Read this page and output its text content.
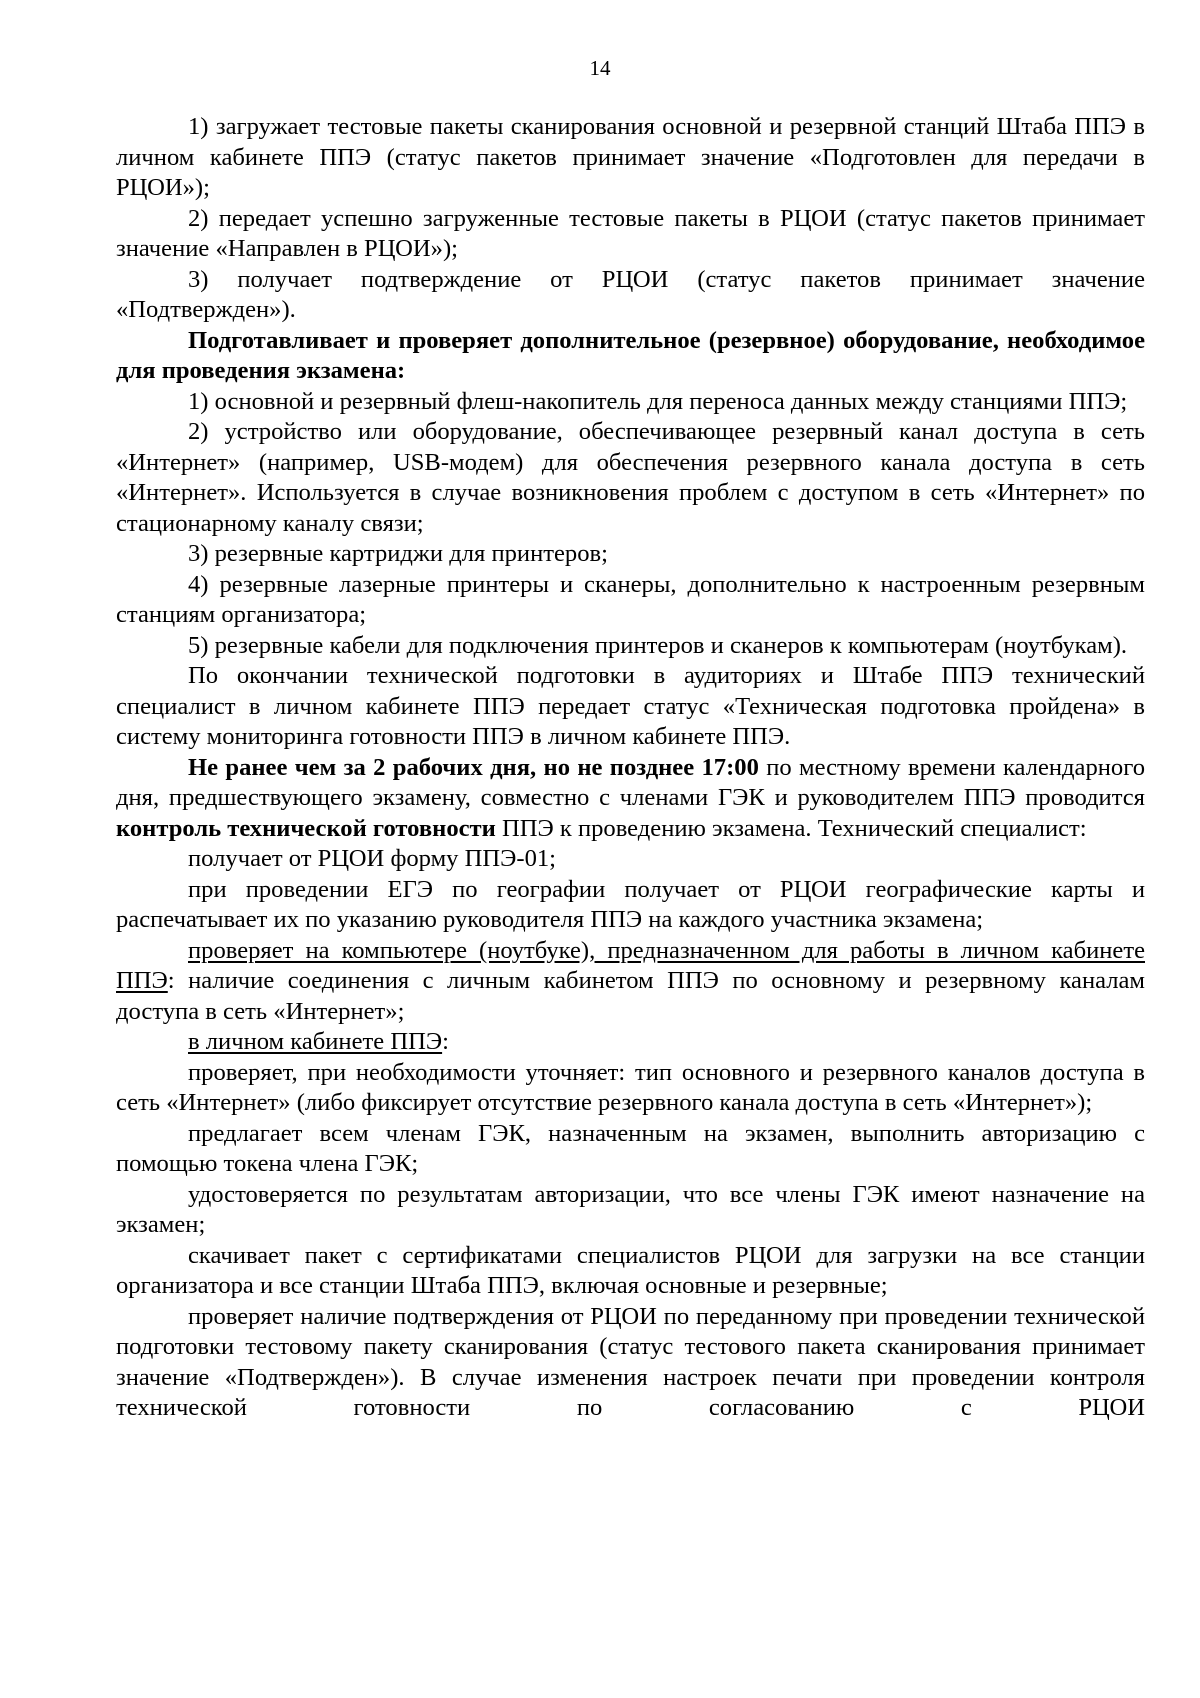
14

1) загружает тестовые пакеты сканирования основной и резервной станций Штаба ППЭ в личном кабинете ППЭ (статус пакетов принимает значение «Подготовлен для передачи в РЦОИ»);

2) передает успешно загруженные тестовые пакеты в РЦОИ (статус пакетов принимает значение «Направлен в РЦОИ»);

3) получает подтверждение от РЦОИ (статус пакетов принимает значение «Подтвержден»).

Подготавливает и проверяет дополнительное (резервное) оборудование, необходимое для проведения экзамена:

1) основной и резервный флеш-накопитель для переноса данных между станциями ППЭ;

2) устройство или оборудование, обеспечивающее резервный канал доступа в сеть «Интернет» (например, USB-модем) для обеспечения резервного канала доступа в сеть «Интернет». Используется в случае возникновения проблем с доступом в сеть «Интернет» по стационарному каналу связи;

3) резервные картриджи для принтеров;

4) резервные лазерные принтеры и сканеры, дополнительно к настроенным резервным станциям организатора;

5) резервные кабели для подключения принтеров и сканеров к компьютерам (ноутбукам).

По окончании технической подготовки в аудиториях и Штабе ППЭ технический специалист в личном кабинете ППЭ передает статус «Техническая подготовка пройдена» в систему мониторинга готовности ППЭ в личном кабинете ППЭ.

Не ранее чем за 2 рабочих дня, но не позднее 17:00 по местному времени календарного дня, предшествующего экзамену, совместно с членами ГЭК и руководителем ППЭ проводится контроль технической готовности ППЭ к проведению экзамена. Технический специалист:

получает от РЦОИ форму ППЭ-01;

при проведении ЕГЭ по географии получает от РЦОИ географические карты и распечатывает их по указанию руководителя ППЭ на каждого участника экзамена;

проверяет на компьютере (ноутбуке), предназначенном для работы в личном кабинете ППЭ: наличие соединения с личным кабинетом ППЭ по основному и резервному каналам доступа в сеть «Интернет»;

в личном кабинете ППЭ:

проверяет, при необходимости уточняет: тип основного и резервного каналов доступа в сеть «Интернет» (либо фиксирует отсутствие резервного канала доступа в сеть «Интернет»);

предлагает всем членам ГЭК, назначенным на экзамен, выполнить авторизацию с помощью токена члена ГЭК;

удостоверяется по результатам авторизации, что все члены ГЭК имеют назначение на экзамен;

скачивает пакет с сертификатами специалистов РЦОИ для загрузки на все станции организатора и все станции Штаба ППЭ, включая основные и резервные;

проверяет наличие подтверждения от РЦОИ по переданному при проведении технической подготовки тестовому пакету сканирования (статус тестового пакета сканирования принимает значение «Подтвержден»). В случае изменения настроек печати при проведении контроля технической готовности по согласованию с РЦОИ
